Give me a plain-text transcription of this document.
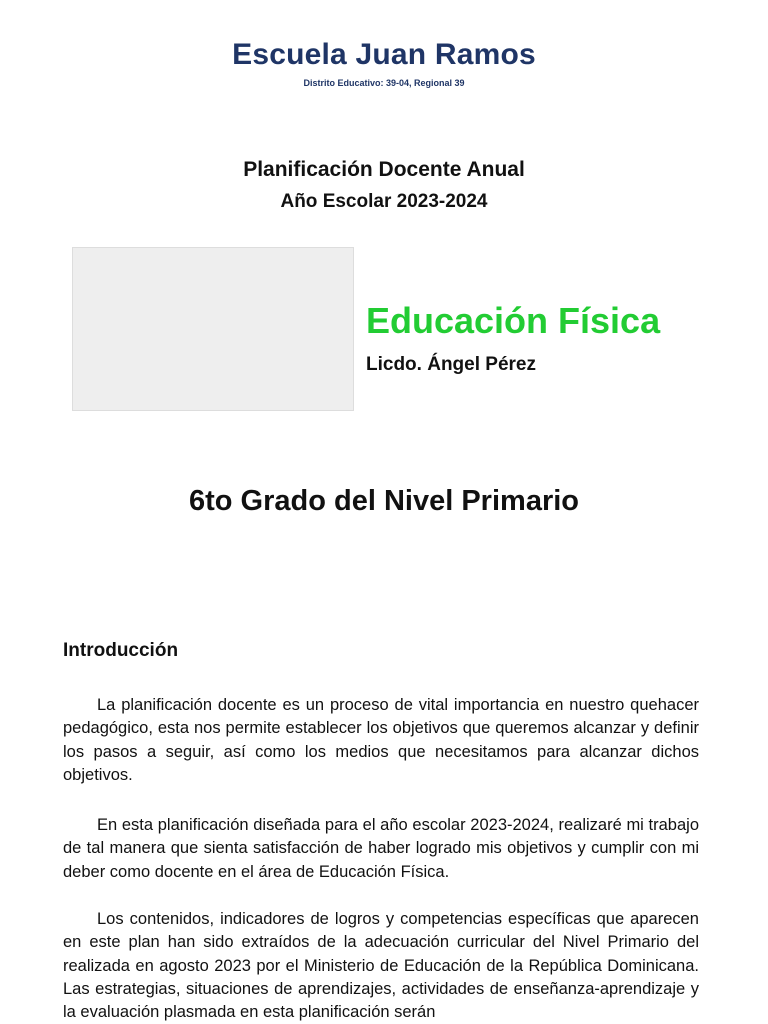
Escuela Juan Ramos

Distrito Educativo: 39-04, Regional 39

Planificación Docente Anual

Año Escolar 2023-2024

Educación Física

Licdo. Ángel Pérez

6to Grado del Nivel Primario
Introducción

La planificación docente es un proceso de vital importancia en nuestro quehacer pedagógico, esta nos permite establecer los objetivos que queremos alcanzar y definir los pasos a seguir, así como los medios que necesitamos para alcanzar dichos objetivos.

En esta planificación diseñada para el año escolar 2023-2024, realizaré mi trabajo de tal manera que sienta satisfacción de haber logrado mis objetivos y cumplir con mi deber como docente en el área de Educación Física.

Los contenidos, indicadores de logros y competencias específicas que aparecen en este plan han sido extraídos de la adecuación curricular del Nivel Primario del realizada en agosto 2023 por el Ministerio de Educación de la República Dominicana. Las estrategias, situaciones de aprendizajes, actividades de enseñanza-aprendizaje y la evaluación plasmada en esta planificación serán
